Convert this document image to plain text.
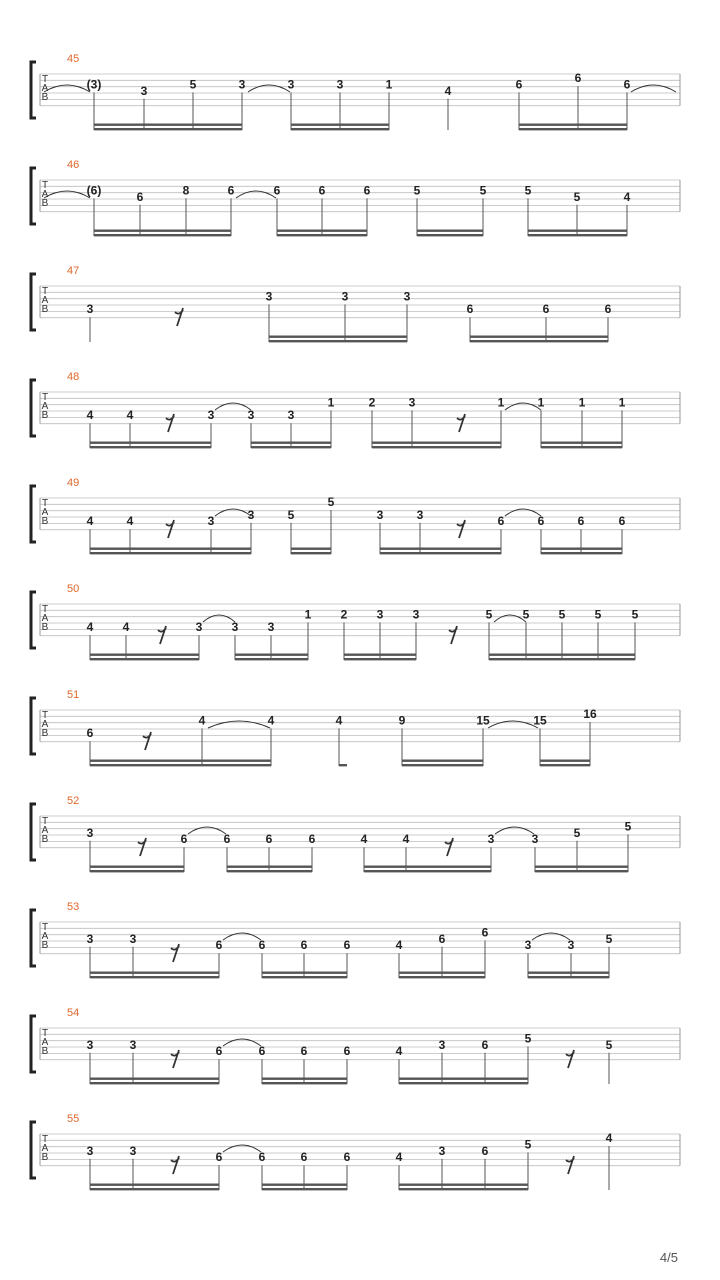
45
T
A
B
(3)	3	5	3	3	3	1	4	6	6	6
46
T
A
B
(6)	6	8	6	6	6	6	5	5	5	5	4
47
T
A
B	3
3	3	3
6	6	6
48
T
A
B	4	4	3	3	3
1	2	3	1	1	1	1
49
T
A
B	4	4	3	3	5
5
3	3	6	6	6	6
50
T
A
B	4 4	3 3 3
1 2 3 3	5	5 5 5	5
51
T
A
B	6
4	4	4	9	15	15	16
52
T
A
B	3	6	6	6	6	4	4	3	3	5	5
53
T
A
B	3	3	6	6	6	6	4	6	6
3	3	5
54
T
A
B	3	3	6	6	6	6	4	3	6	5	5
55
T
A
B	3	3	6	6	6	6	4	3	6	5	4
4/5
